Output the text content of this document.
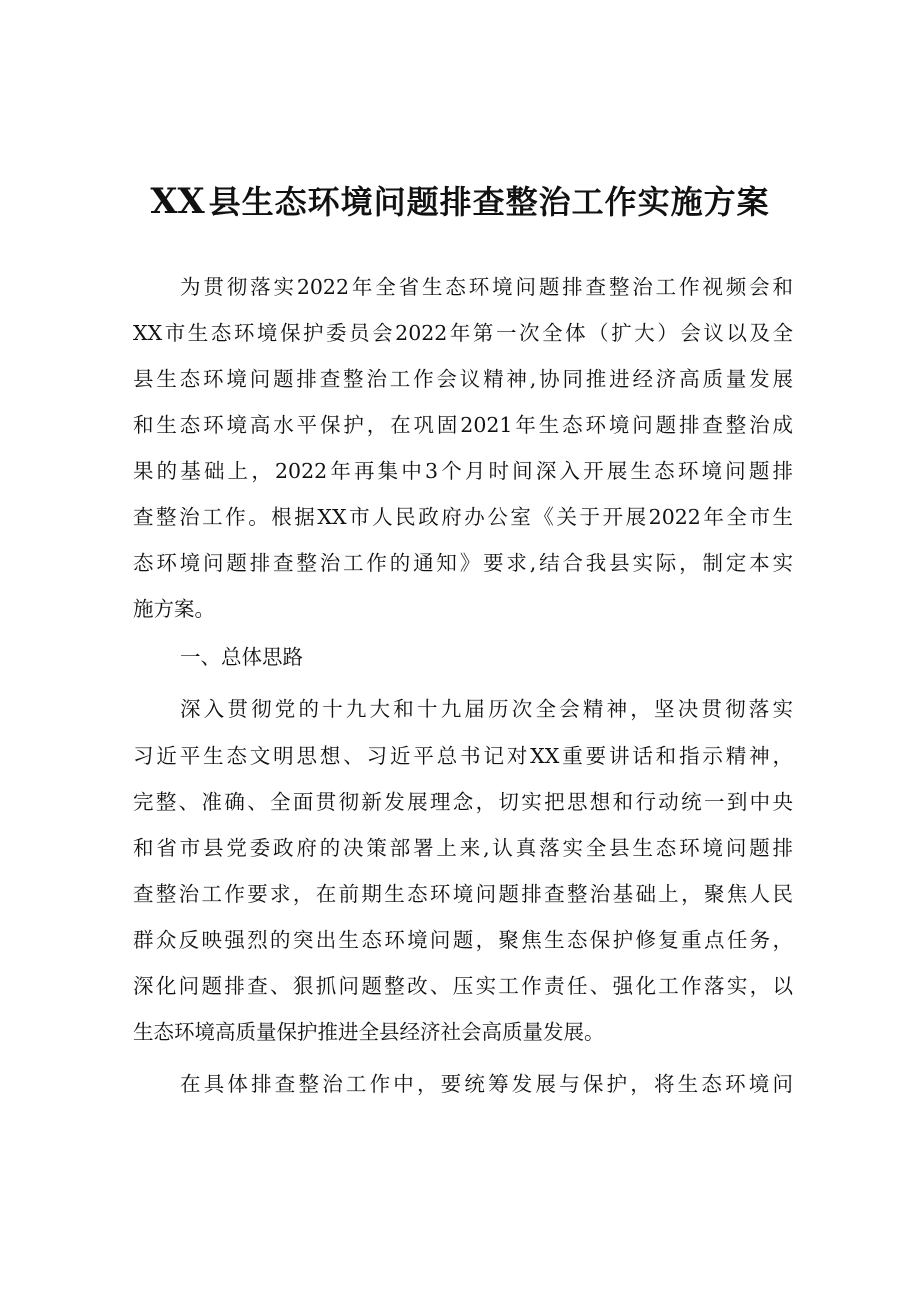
XX 县生态环境问题排查整治工作实施方案

为贯彻落实2022年全省生态环境问题排查整治工作视频会和

XX市生态环境保护委员会2022年第一次全体（扩大）会议以及全

县生态环境问题排查整治工作会议精神,协同推进经济高质量发展

和生态环境高水平保护，在巩固2021年生态环境问题排查整治成

果的基础上，2022年再集中3个月时间深入开展生态环境问题排

查整治工作。根据XX市人民政府办公室《关于开展2022年全市生

态环境问题排查整治工作的通知》要求,结合我县实际，制定本实

施方案。

一、总体思路

深入贯彻党的十九大和十九届历次全会精神，坚决贯彻落实

习近平生态文明思想、习近平总书记对XX重要讲话和指示精神，

完整、准确、全面贯彻新发展理念，切实把思想和行动统一到中央

和省市县党委政府的决策部署上来,认真落实全县生态环境问题排

查整治工作要求，在前期生态环境问题排查整治基础上，聚焦人民

群众反映强烈的突出生态环境问题，聚焦生态保护修复重点任务，

深化问题排查、狠抓问题整改、压实工作责任、强化工作落实，以

生态环境高质量保护推进全县经济社会高质量发展。

在具体排查整治工作中，要统筹发展与保护，将生态环境问
